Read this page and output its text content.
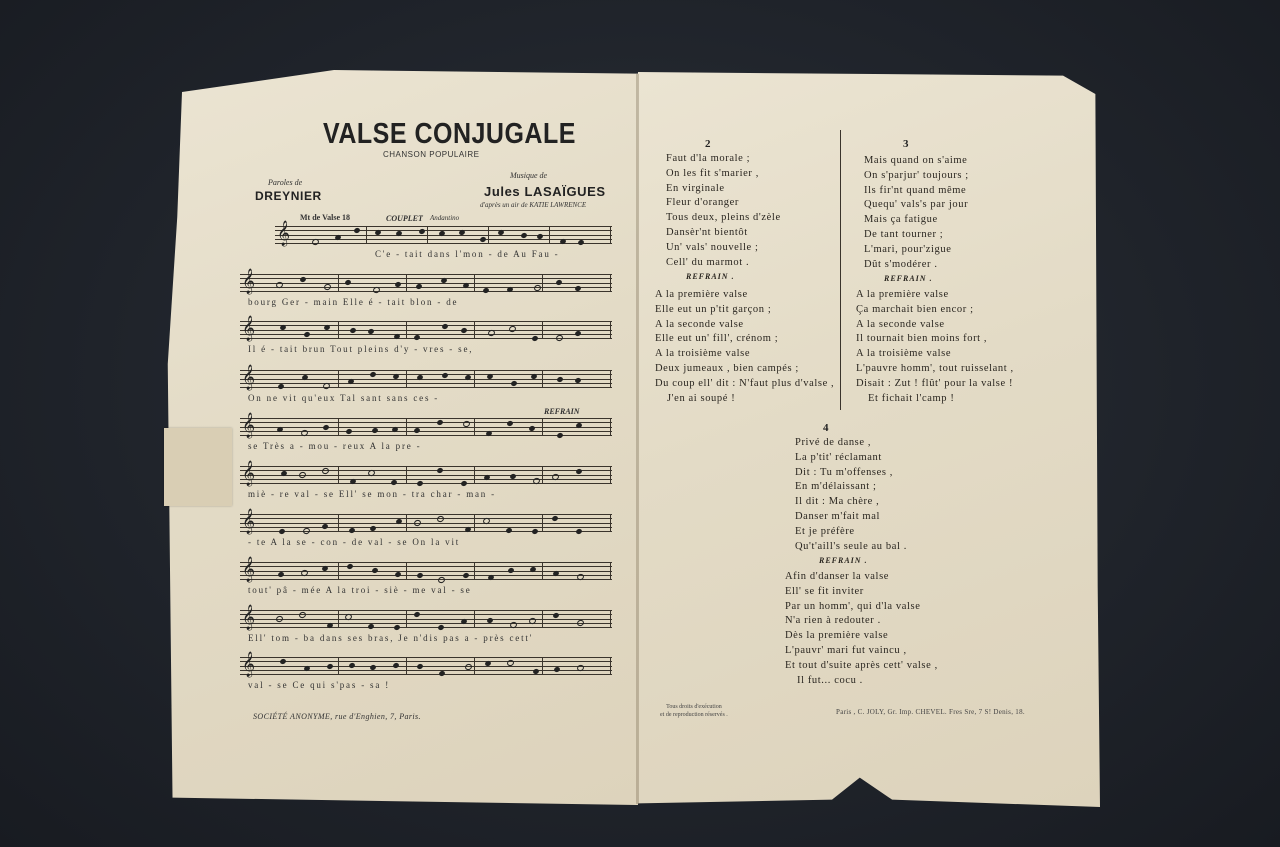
VALSE CONJUGALE
CHANSON POPULAIRE
Paroles de
DREYNIER
Musique de
Jules LASAÏGUES
d'après un air de KATIE LAWRENCE
Mt de Valse 18	COUPLET Andantino
REFRAIN
𝄞
C'e - tait dans l'mon - de Au Fau -
𝄞
bourg Ger - main Elle é - tait blon - de
𝄞
Il é - tait brun Tout pleins d'y - vres - se,
𝄞
On ne vit qu'eux Tal sant sans ces -
𝄞
se Très a - mou - reux A la pre -
𝄞
miè - re val - se Ell' se mon - tra char - man -
𝄞
- te A la se - con - de val - se On la vit
𝄞
tout' pâ - mée A la troi - siè - me val - se
𝄞
Ell' tom - ba dans ses bras, Je n'dis pas a - près cett'
𝄞
val - se Ce qui s'pas - sa !
SOCIÉTÉ ANONYME, rue d'Enghien, 7, Paris.
2
Faut d'la morale ;
On les fit s'marier ,
En virginale
Fleur d'oranger
Tous deux, pleins d'zèle
Dansèr'nt bientôt
Un' vals' nouvelle ;
Cell' du marmot .
REFRAIN .
A la première valse
Elle eut un p'tit garçon ;
A la seconde valse
Elle eut un' fill', crénom ;
A la troisième valse
Deux jumeaux , bien campés ;
Du coup ell' dit : N'faut plus d'valse ,
J'en ai soupé !
3
Mais quand on s'aime
On s'parjur' toujours ;
Ils fir'nt quand même
Quequ' vals's par jour
Mais ça fatigue
De tant tourner ;
L'mari, pour'zigue
Dût s'modérer .
REFRAIN .
A la première valse
Ça marchait bien encor ;
A la seconde valse
Il tournait bien moins fort ,
A la troisième valse
L'pauvre homm', tout ruisselant ,
Disait : Zut ! flût' pour la valse !
Et fichait l'camp !
4
Privé de danse ,
La p'tit' réclamant
Dit : Tu m'offenses ,
En m'délaissant ;
Il dit : Ma chère ,
Danser m'fait mal
Et je préfère
Qu't'aill's seule au bal .
REFRAIN .
Afin d'danser la valse
Ell' se fit inviter
Par un homm', qui d'la valse
N'a rien à redouter .
Dès la première valse
L'pauvr' mari fut vaincu ,
Et tout d'suite après cett' valse ,
Il fut... cocu .
Tous droits d'exécution
et de reproduction réservés .	Paris , C. JOLY, Gr. Imp. CHEVEL. Fres Sre, 7 S! Denis, 18.
